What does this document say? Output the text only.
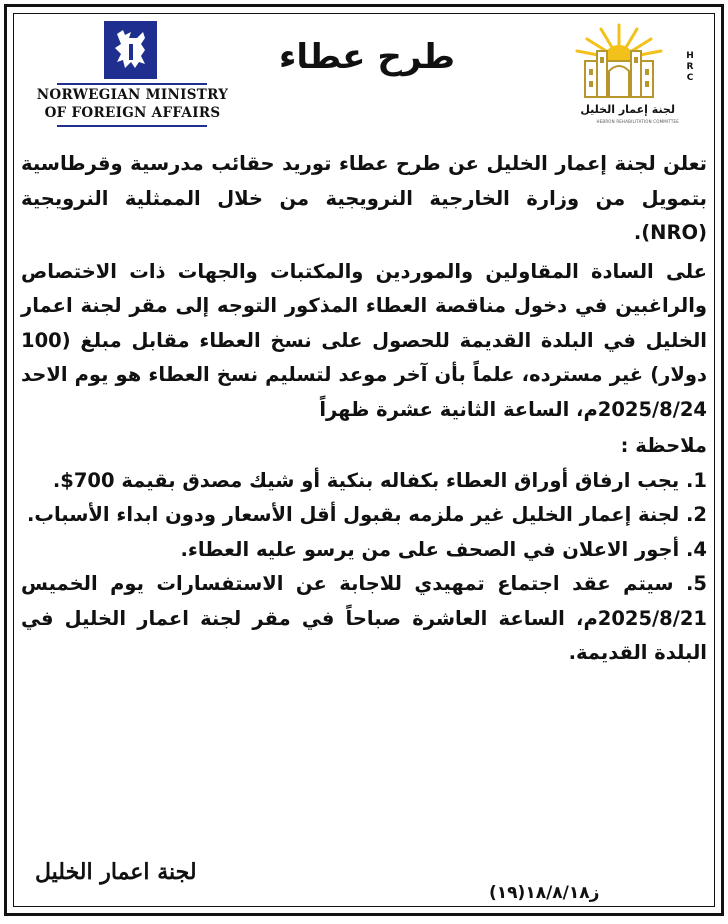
NORWEGIAN MINISTRY
OF FOREIGN AFFAIRS
طرح عطاء	H
R
C
لجنة إعمار الخليل
HEBRON REHABILITATION COMMITTEE

تعلن لجنة إعمار الخليل عن طرح عطاء توريد حقائب مدرسية وقرطاسية بتمويل من وزارة الخارجية النرويجية من خلال الممثلية النرويجية (NRO).

على السادة المقاولين والموردين والمكتبات والجهات ذات الاختصاص والراغبين في دخول مناقصة العطاء المذكور التوجه إلى مقر لجنة اعمار الخليل في البلدة القديمة للحصول على نسخ العطاء مقابل مبلغ (100 دولار) غير مسترده، علماً بأن آخر موعد لتسليم نسخ العطاء هو يوم الاحد 2025/8/24م، الساعة الثانية عشرة ظهراً

ملاحظة :

1. يجب ارفاق أوراق العطاء بكفاله بنكية أو شيك مصدق بقيمة 700$.

2. لجنة إعمار الخليل غير ملزمه بقبول أقل الأسعار ودون ابداء الأسباب.

4. أجور الاعلان في الصحف على من يرسو عليه العطاء.

5. سيتم عقد اجتماع تمهيدي للاجابة عن الاستفسارات يوم الخميس 2025/8/21م، الساعة العاشرة صباحاً في مقر لجنة اعمار الخليل في البلدة القديمة.

لجنة اعمار الخليل
ز١٨/٨/١٨(١٩)
